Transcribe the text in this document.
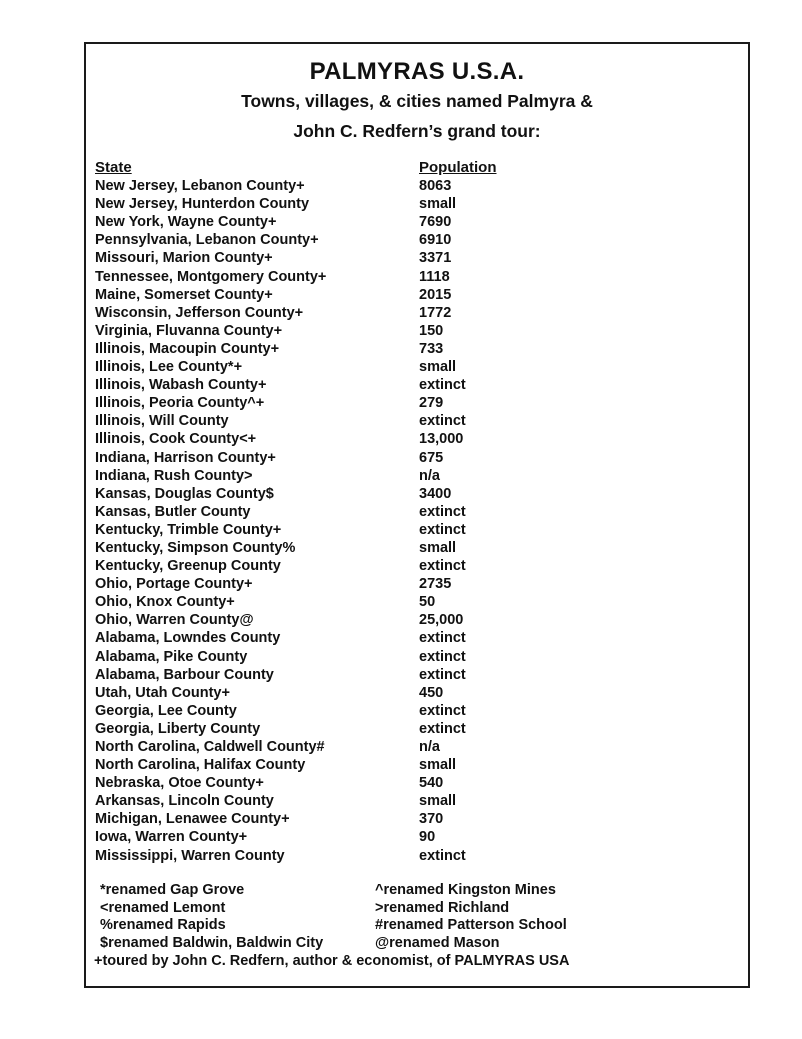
PALMYRAS U.S.A.
Towns, villages, & cities named Palmyra &
John C. Redfern’s grand tour:
State	Population
New Jersey, Lebanon County+	8063
New Jersey, Hunterdon County	small
New York, Wayne County+	7690
Pennsylvania, Lebanon County+	6910
Missouri, Marion County+	3371
Tennessee, Montgomery County+	1118
Maine, Somerset County+	2015
Wisconsin, Jefferson County+	1772
Virginia, Fluvanna County+	150
Illinois, Macoupin County+	733
Illinois, Lee County*+	small
Illinois, Wabash County+	extinct
Illinois, Peoria County^+	279
Illinois, Will County	extinct
Illinois, Cook County<+	13,000
Indiana, Harrison County+	675
Indiana, Rush County>	n/a
Kansas, Douglas County$	3400
Kansas, Butler County	extinct
Kentucky, Trimble County+	extinct
Kentucky, Simpson County%	small
Kentucky, Greenup County	extinct
Ohio, Portage County+	2735
Ohio, Knox County+	50
Ohio, Warren County@	25,000
Alabama, Lowndes County	extinct
Alabama, Pike County	extinct
Alabama, Barbour County	extinct
Utah, Utah County+	450
Georgia, Lee County	extinct
Georgia, Liberty County	extinct
North Carolina, Caldwell County#	n/a
North Carolina, Halifax County	small
Nebraska, Otoe County+	540
Arkansas, Lincoln County	small
Michigan, Lenawee County+	370
Iowa, Warren County+	90
Mississippi, Warren County	extinct
*renamed Gap Grove	^renamed Kingston Mines
<renamed Lemont	>renamed Richland
%renamed Rapids	#renamed Patterson School
$renamed Baldwin, Baldwin City	@renamed Mason
+toured by John C. Redfern, author & economist, of PALMYRAS USA
